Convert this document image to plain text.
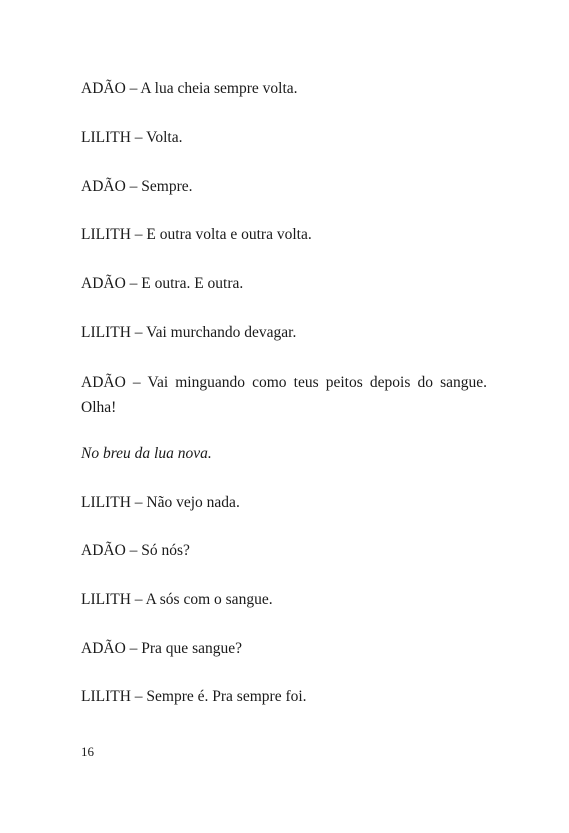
ADÃO – A lua cheia sempre volta.

LILITH – Volta.

ADÃO – Sempre.

LILITH – E outra volta e outra volta.

ADÃO – E outra. E outra.

LILITH – Vai murchando devagar.

ADÃO – Vai minguando como teus peitos depois do sangue. Olha!

No breu da lua nova.

LILITH – Não vejo nada.

ADÃO – Só nós?

LILITH – A sós com o sangue.

ADÃO – Pra que sangue?

LILITH – Sempre é. Pra sempre foi.

16
